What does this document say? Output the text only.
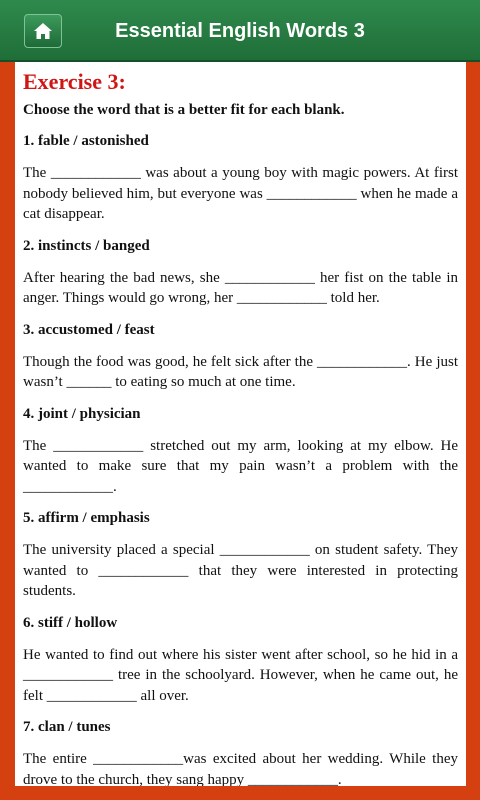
Essential English Words 3

Exercise 3:

Choose the word that is a better fit for each blank.

1. fable / astonished

The ____________ was about a young boy with magic powers. At first nobody believed him, but everyone was ____________ when he made a cat disappear.

2. instincts / banged

After hearing the bad news, she ____________ her fist on the table in anger. Things would go wrong, her ____________ told her.

3. accustomed / feast

Though the food was good, he felt sick after the ____________. He just wasn’t ______ to eating so much at one time.

4. joint / physician

The ____________ stretched out my arm, looking at my elbow. He wanted to make sure that my pain wasn’t a problem with the ____________.

5. affirm / emphasis

The university placed a special ____________ on student safety. They wanted to ____________ that they were interested in protecting students.

6. stiff / hollow

He wanted to find out where his sister went after school, so he hid in a ____________ tree in the schoolyard. However, when he came out, he felt ____________ all over.

7. clan / tunes

The entire ____________was excited about her wedding. While they drove to the church, they sang happy ____________.
